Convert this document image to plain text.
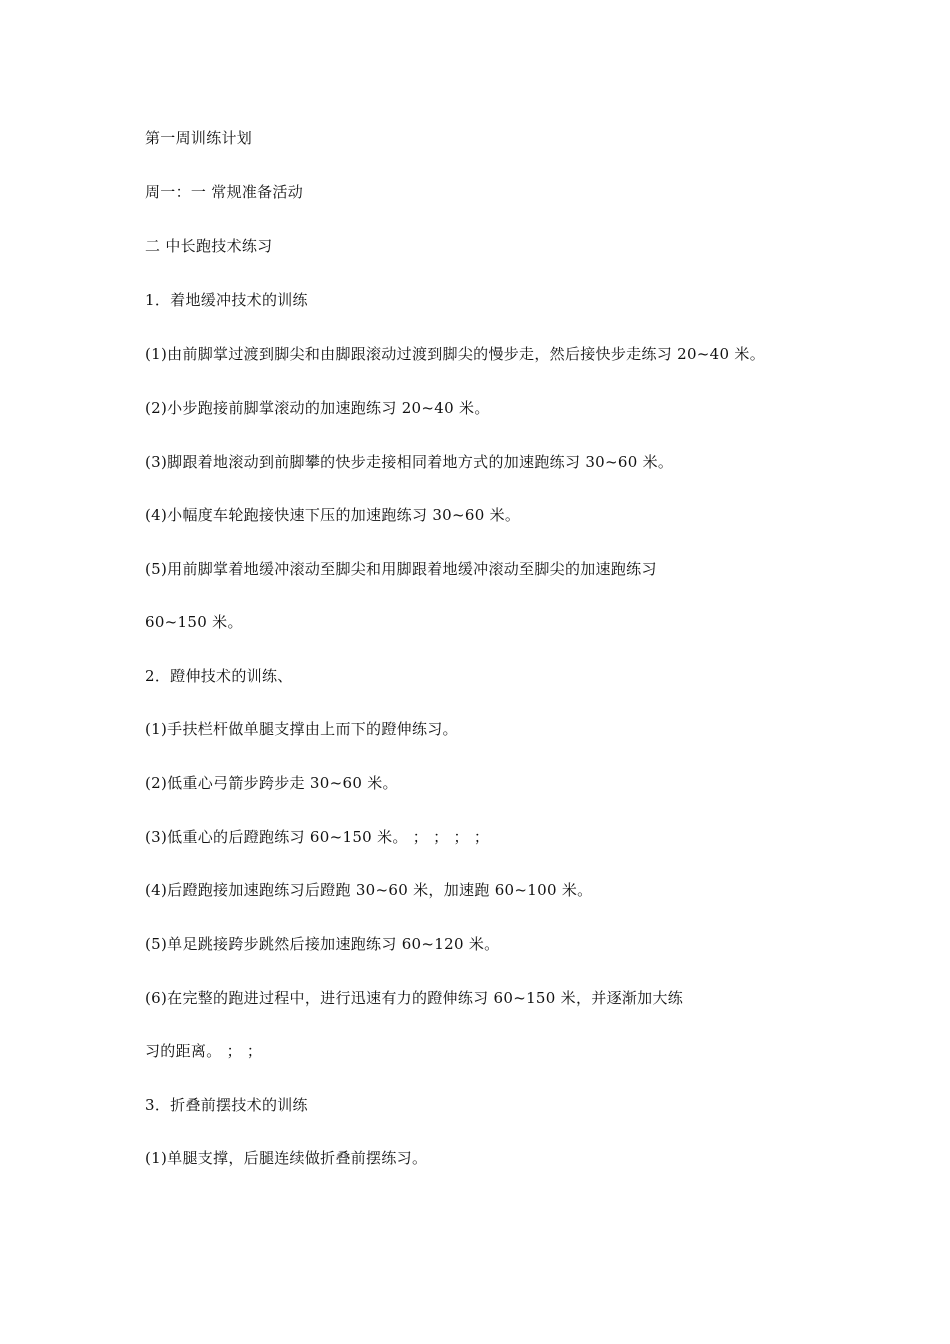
第一周训练计划
周一：一 常规准备活动
二 中长跑技术练习
1．着地缓冲技术的训练
(1)由前脚掌过渡到脚尖和由脚跟滚动过渡到脚尖的慢步走，然后接快步走练习 20~40 米。
(2)小步跑接前脚掌滚动的加速跑练习 20~40 米。
(3)脚跟着地滚动到前脚攀的快步走接相同着地方式的加速跑练习 30~60 米。
(4)小幅度车轮跑接快速下压的加速跑练习 30~60 米。
(5)用前脚掌着地缓冲滚动至脚尖和用脚跟着地缓冲滚动至脚尖的加速跑练习
60~150 米。
2．蹬伸技术的训练、
(1)手扶栏杆做单腿支撑由上而下的蹬伸练习。
(2)低重心弓箭步跨步走 30~60 米。
(3)低重心的后蹬跑练习 60~150 米。 ； ； ； ；
(4)后蹬跑接加速跑练习后蹬跑 30~60 米，加速跑 60~100 米。
(5)单足跳接跨步跳然后接加速跑练习 60~120 米。
(6)在完整的跑进过程中，进行迅速有力的蹬伸练习 60~150 米，并逐渐加大练
习的距离。 ； ；
3．折叠前摆技术的训练
(1)单腿支撑，后腿连续做折叠前摆练习。
